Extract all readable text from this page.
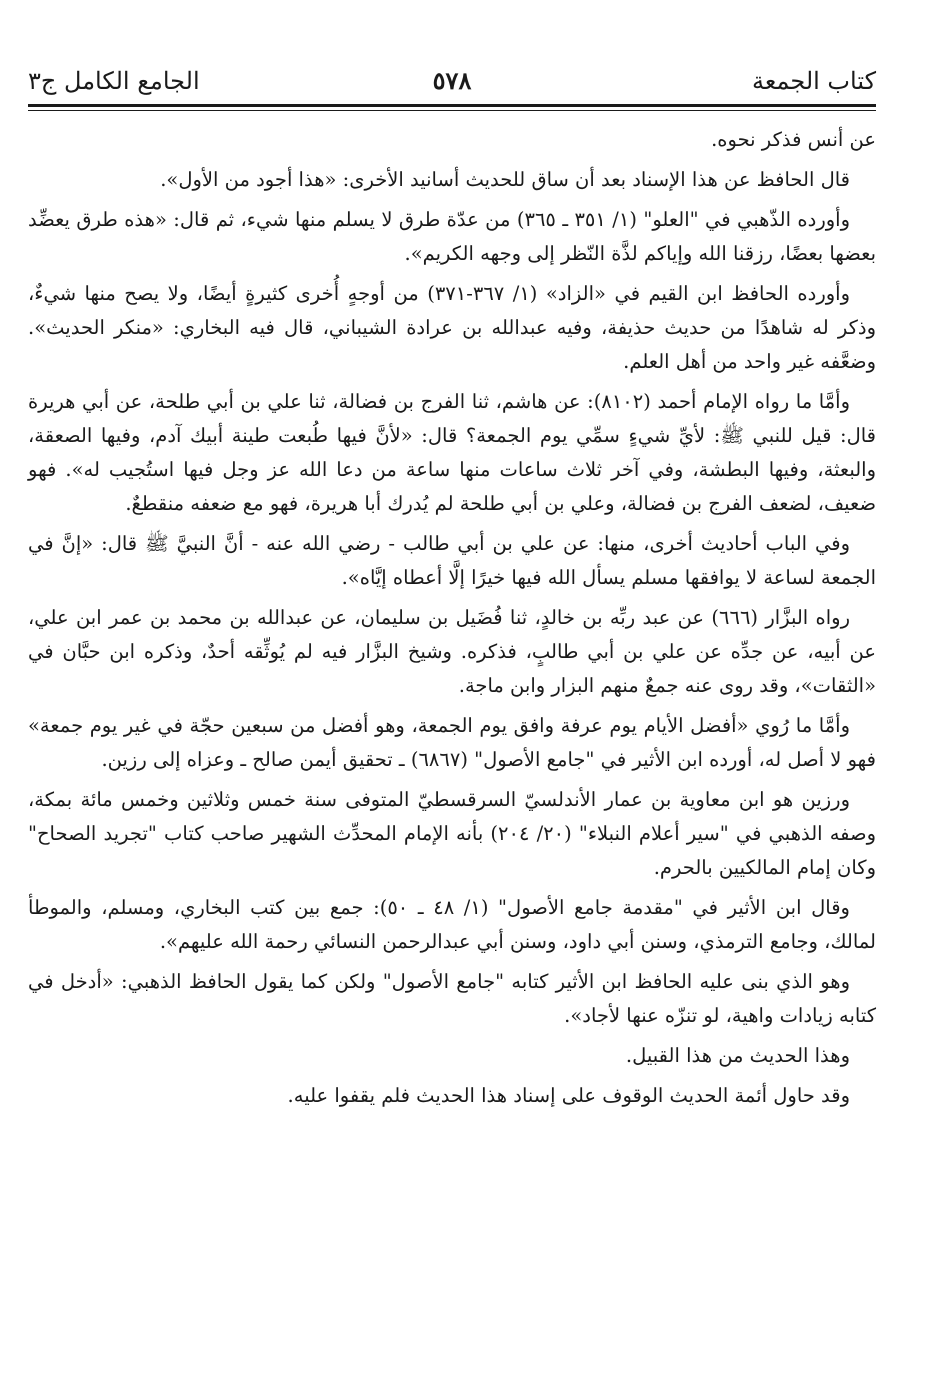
كتاب الجمعة
٥٧٨
الجامع الكامل ج٣

عن أنس فذكر نحوه.

قال الحافظ عن هذا الإسناد بعد أن ساق للحديث أسانيد الأخرى: «هذا أجود من الأول».

وأورده الذّهبي في "العلو" (١/ ٣٥١ ـ ٣٦٥) من عدّة طرق لا يسلم منها شيء، ثم قال: «هذه طرق يعضِّد بعضها بعضًا، رزقنا الله وإياكم لذَّة النّظر إلى وجهه الكريم».

وأورده الحافظ ابن القيم في «الزاد» (١/ ٣٦٧-٣٧١) من أوجهٍ أُخرى كثيرةٍ أيضًا، ولا يصح منها شيءٌ، وذكر له شاهدًا من حديث حذيفة، وفيه عبدالله بن عرادة الشيباني، قال فيه البخاري: «منكر الحديث». وضعَّفه غير واحد من أهل العلم.

وأمَّا ما رواه الإمام أحمد (٨١٠٢): عن هاشم، ثنا الفرج بن فضالة، ثنا علي بن أبي طلحة، عن أبي هريرة قال: قيل للنبي ﷺ: لأيِّ شيءٍ سمِّي يوم الجمعة؟ قال: «لأنَّ فيها طُبعت طينة أبيك آدم، وفيها الصعقة، والبعثة، وفيها البطشة، وفي آخر ثلاث ساعات منها ساعة من دعا الله عز وجل فيها استُجيب له». فهو ضعيف، لضعف الفرج بن فضالة، وعلي بن أبي طلحة لم يُدرك أبا هريرة، فهو مع ضعفه منقطعٌ.

وفي الباب أحاديث أخرى، منها: عن علي بن أبي طالب - رضي الله عنه - أنَّ النبيَّ ﷺ قال: «إنَّ في الجمعة لساعة لا يوافقها مسلم يسأل الله فيها خيرًا إلَّا أعطاه إيَّاه».

رواه البزَّار (٦٦٦) عن عبد ربِّه بن خالدٍ، ثنا فُضَيل بن سليمان، عن عبدالله بن محمد بن عمر ابن علي، عن أبيه، عن جدِّه عن علي بن أبي طالبٍ، فذكره. وشيخ البزَّار فيه لم يُوثِّقه أحدٌ، وذكره ابن حبَّان في «الثقات»، وقد روى عنه جمعٌ منهم البزار وابن ماجة.

وأمَّا ما رُوي «أفضل الأيام يوم عرفة وافق يوم الجمعة، وهو أفضل من سبعين حجّة في غير يوم جمعة» فهو لا أصل له، أورده ابن الأثير في "جامع الأصول" (٦٨٦٧) ـ تحقيق أيمن صالح ـ وعزاه إلى رزين.

ورزين هو ابن معاوية بن عمار الأندلسيّ السرقسطيّ المتوفى سنة خمس وثلاثين وخمس مائة بمكة، وصفه الذهبي في "سير أعلام النبلاء" (٢٠/ ٢٠٤) بأنه الإمام المحدِّث الشهير صاحب كتاب "تجريد الصحاح" وكان إمام المالكيين بالحرم.

وقال ابن الأثير في "مقدمة جامع الأصول" (١/ ٤٨ ـ ٥٠): جمع بين كتب البخاري، ومسلم، والموطأ لمالك، وجامع الترمذي، وسنن أبي داود، وسنن أبي عبدالرحمن النسائي رحمة الله عليهم».

وهو الذي بنى عليه الحافظ ابن الأثير كتابه "جامع الأصول" ولكن كما يقول الحافظ الذهبي: «أدخل في كتابه زيادات واهية، لو تنزّه عنها لأجاد».

وهذا الحديث من هذا القبيل.

وقد حاول أئمة الحديث الوقوف على إسناد هذا الحديث فلم يقفوا عليه.
